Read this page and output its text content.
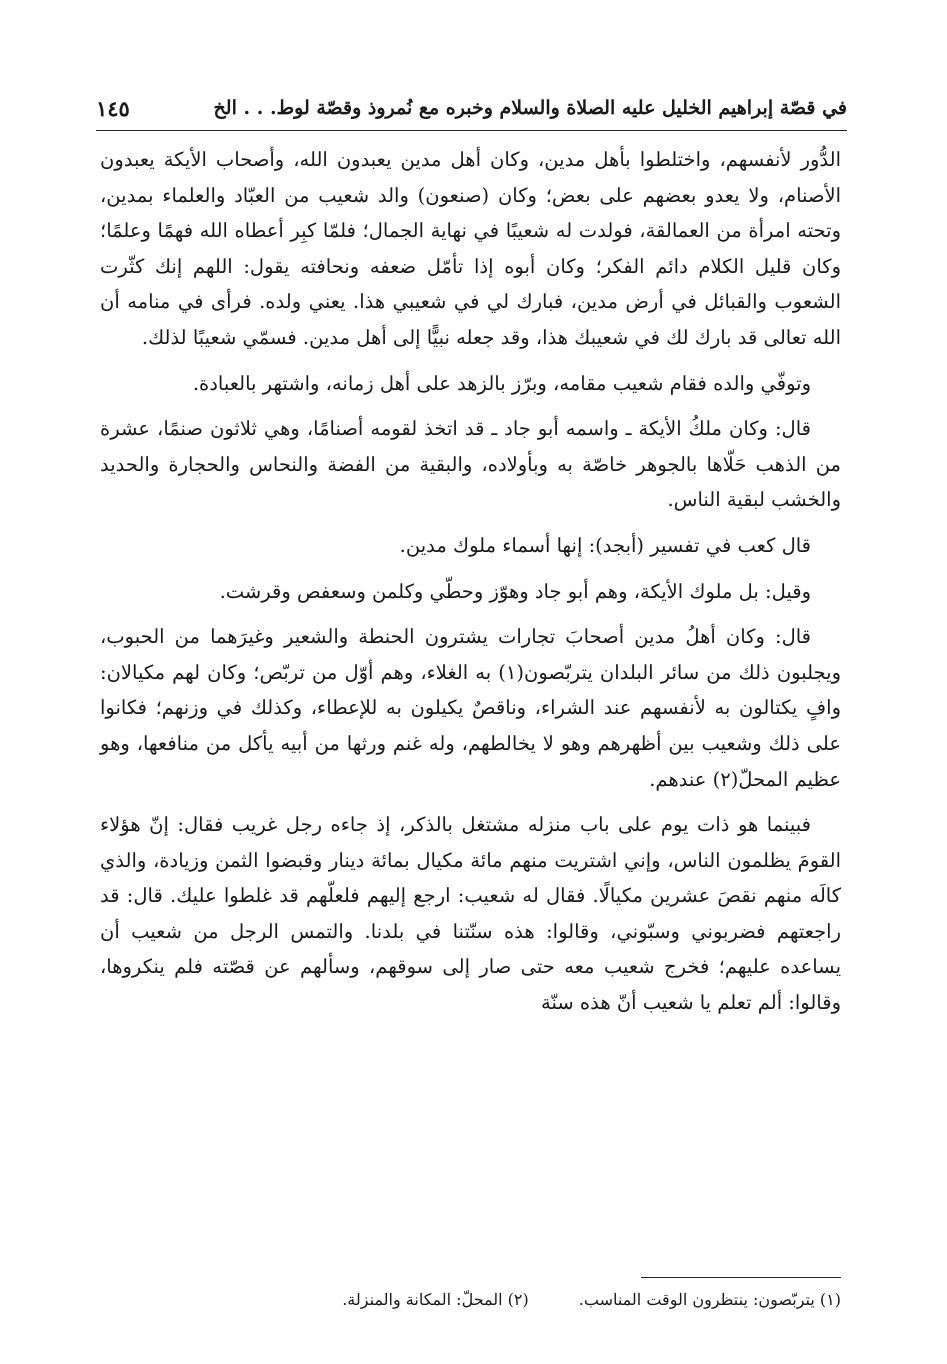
في قصّة إبراهيم الخليل عليه الصلاة والسلام وخبره مع نُمروذ وقصّة لوط. . . الخ
١٤٥

الدُّور لأنفسهم، واختلطوا بأهل مدين، وكان أهل مدين يعبدون الله، وأصحاب الأيكة يعبدون الأصنام، ولا يعدو بعضهم على بعض؛ وكان (صنعون) والد شعيب من العبّاد والعلماء بمدين، وتحته امرأة من العمالقة، فولدت له شعيبًا في نهاية الجمال؛ فلمّا كبِر أعطاه الله فهمًا وعلمًا؛ وكان قليل الكلام دائم الفكر؛ وكان أبوه إذا تأمّل ضعفه ونحافته يقول: اللهم إنك كثّرت الشعوب والقبائل في أرض مدين، فبارك لي في شعيبي هذا. يعني ولده. فرأى في منامه أن الله تعالى قد بارك لك في شعيبك هذا، وقد جعله نبيًّا إلى أهل مدين. فسمّي شعيبًا لذلك.

وتوفّي والده فقام شعيب مقامه، وبرّز بالزهد على أهل زمانه، واشتهر بالعبادة.

قال: وكان ملكُ الأيكة ـ واسمه أبو جاد ـ قد اتخذ لقومه أصنامًا، وهي ثلاثون صنمًا، عشرة من الذهب حَلّاها بالجوهر خاصّة به وبأولاده، والبقية من الفضة والنحاس والحجارة والحديد والخشب لبقية الناس.

قال كعب في تفسير (أبجد): إنها أسماء ملوك مدين.

وقيل: بل ملوك الأيكة، وهم أبو جاد وهوّز وحطّي وكلمن وسعفص وقرشت.

قال: وكان أهلُ مدين أصحابَ تجارات يشترون الحنطة والشعير وغيرَهما من الحبوب، ويجلبون ذلك من سائر البلدان يتربّصون(١) به الغلاء، وهم أوّل من تربّص؛ وكان لهم مكيالان: وافٍ يكتالون به لأنفسهم عند الشراء، وناقصٌ يكيلون به للإعطاء، وكذلك في وزنهم؛ فكانوا على ذلك وشعيب بين أظهرهم وهو لا يخالطهم، وله غنم ورثها من أبيه يأكل من منافعها، وهو عظيم المحلّ(٢) عندهم.

فبينما هو ذات يوم على باب منزله مشتغل بالذكر، إذ جاءه رجل غريب فقال: إنّ هؤلاء القومَ يظلمون الناس، وإني اشتريت منهم مائة مكيال بمائة دينار وقبضوا الثمن وزيادة، والذي كالَه منهم نقصَ عشرين مكيالًا. فقال له شعيب: ارجع إليهم فلعلّهم قد غلطوا عليك. قال: قد راجعتهم فضربوني وسبّوني، وقالوا: هذه سنّتنا في بلدنا. والتمس الرجل من شعيب أن يساعده عليهم؛ فخرج شعيب معه حتى صار إلى سوقهم، وسألهم عن قصّته فلم ينكروها، وقالوا: ألم تعلم يا شعيب أنّ هذه سنّة

(١) يتربّصون: ينتظرون الوقت المناسب.
(٢) المحلّ: المكانة والمنزلة.
